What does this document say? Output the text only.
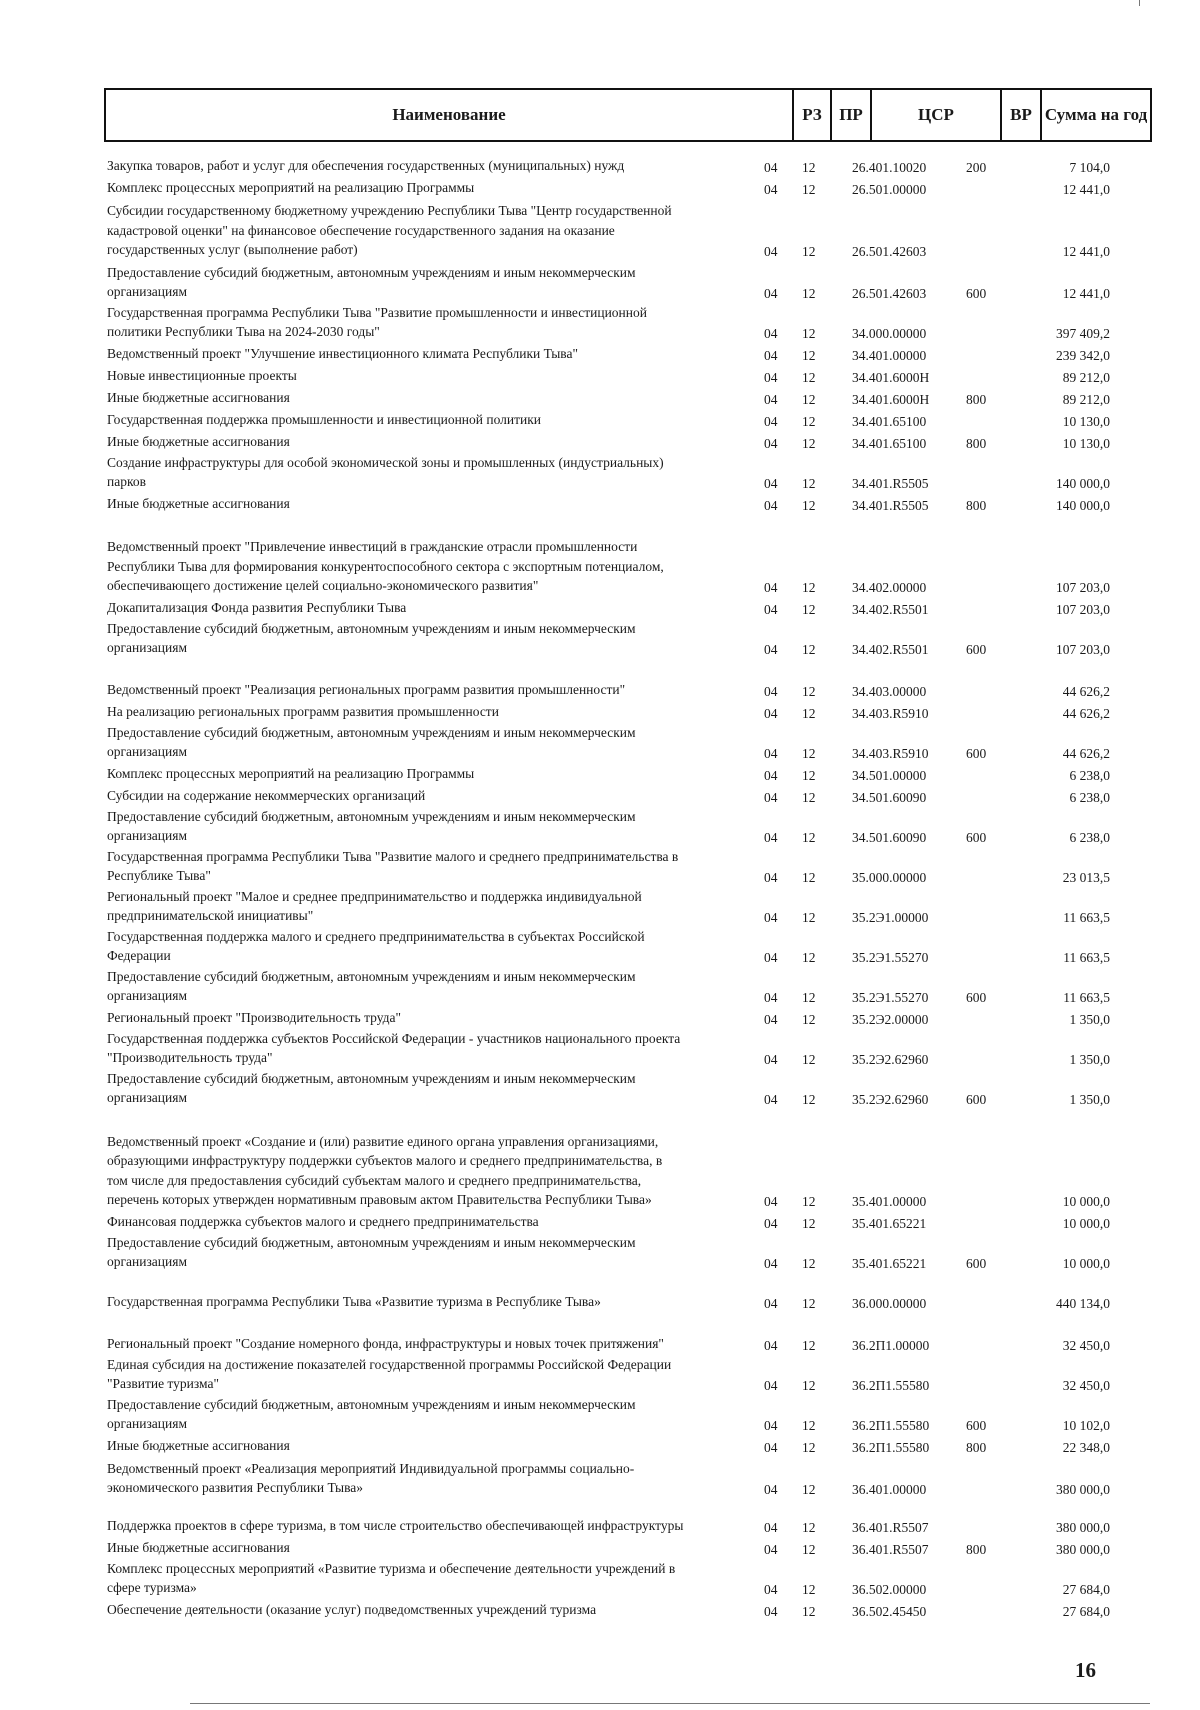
Наименование	РЗ	ПР	ЦСР	ВР Сумма на год
Закупка товаров, работ и услуг для обеспечения государственных (муниципальных) нужд	04 12	26.401.10020	200	7 104,0
Комплекс процессных мероприятий на реализацию Программы	04 12	26.501.00000	12 441,0
Субсидии государственному бюджетному учреждению Республики Тыва "Центр государственной
кадастровой оценки" на финансовое обеспечение государственного задания на оказание
государственных услуг (выполнение работ)	04 12	26.501.42603	12 441,0
Предоставление субсидий бюджетным, автономным учреждениям и иным некоммерческим
организациям	04 12	26.501.42603	600	12 441,0
Государственная программа Республики Тыва "Развитие промышленности и инвестиционной
политики Республики Тыва на 2024-2030 годы"	04 12	34.000.00000	397 409,2
Ведомственный проект "Улучшение инвестиционного климата Республики Тыва"	04 12	34.401.00000	239 342,0
Новые инвестиционные проекты	04 12	34.401.6000Н	89 212,0
Иные бюджетные ассигнования	04 12	34.401.6000Н	800	89 212,0
Государственная поддержка промышленности и инвестиционной политики	04 12	34.401.65100	10 130,0
Иные бюджетные ассигнования	04 12	34.401.65100	800	10 130,0
Создание инфраструктуры для особой экономической зоны и промышленных (индустриальных)
парков	04 12	34.401.R5505	140 000,0
Иные бюджетные ассигнования	04 12	34.401.R5505	800	140 000,0
Ведомственный проект "Привлечение инвестиций в гражданские отрасли промышленности
Республики Тыва для формирования конкурентоспособного сектора с экспортным потенциалом,
обеспечивающего достижение целей социально-экономического развития"	04 12	34.402.00000	107 203,0
Докапитализация Фонда развития Республики Тыва	04 12	34.402.R5501	107 203,0
Предоставление субсидий бюджетным, автономным учреждениям и иным некоммерческим
организациям	04 12	34.402.R5501	600	107 203,0
Ведомственный проект "Реализация региональных программ развития промышленности"	04 12	34.403.00000	44 626,2
На реализацию региональных программ развития промышленности	04 12	34.403.R5910	44 626,2
Предоставление субсидий бюджетным, автономным учреждениям и иным некоммерческим
организациям	04 12	34.403.R5910	600	44 626,2
Комплекс процессных мероприятий на реализацию Программы	04 12	34.501.00000	6 238,0
Субсидии на содержание некоммерческих организаций	04 12	34.501.60090	6 238,0
Предоставление субсидий бюджетным, автономным учреждениям и иным некоммерческим
организациям	04 12	34.501.60090	600	6 238,0
Государственная программа Республики Тыва "Развитие малого и среднего предпринимательства в
Республике Тыва"	04 12	35.000.00000	23 013,5
Региональный проект "Малое и среднее предпринимательство и поддержка индивидуальной
предпринимательской инициативы"	04 12	35.2Э1.00000	11 663,5
Государственная поддержка малого и среднего предпринимательства в субъектах Российской
Федерации	04 12	35.2Э1.55270	11 663,5
Предоставление субсидий бюджетным, автономным учреждениям и иным некоммерческим
организациям	04 12	35.2Э1.55270	600	11 663,5
Региональный проект "Производительность труда"	04 12	35.2Э2.00000	1 350,0
Государственная поддержка субъектов Российской Федерации - участников национального проекта
"Производительность труда"	04 12	35.2Э2.62960	1 350,0
Предоставление субсидий бюджетным, автономным учреждениям и иным некоммерческим
организациям	04 12	35.2Э2.62960	600	1 350,0
Ведомственный проект «Создание и (или) развитие единого органа управления организациями,
образующими инфраструктуру поддержки субъектов малого и среднего предпринимательства, в
том числе для предоставления субсидий субъектам малого и среднего предпринимательства,
перечень которых утвержден нормативным правовым актом Правительства Республики Тыва»	04 12	35.401.00000	10 000,0
Финансовая поддержка субъектов малого и среднего предпринимательства	04 12	35.401.65221	10 000,0
Предоставление субсидий бюджетным, автономным учреждениям и иным некоммерческим
организациям	04 12	35.401.65221	600	10 000,0
Государственная программа Республики Тыва «Развитие туризма в Республике Тыва»	04 12	36.000.00000	440 134,0
Региональный проект "Создание номерного фонда, инфраструктуры и новых точек притяжения"	04 12	36.2П1.00000	32 450,0
Единая субсидия на достижение показателей государственной программы Российской Федерации
"Развитие туризма"	04 12	36.2П1.55580	32 450,0
Предоставление субсидий бюджетным, автономным учреждениям и иным некоммерческим
организациям	04 12	36.2П1.55580	600	10 102,0
Иные бюджетные ассигнования	04 12	36.2П1.55580	800	22 348,0
Ведомственный проект «Реализация мероприятий Индивидуальной программы социально-
экономического развития Республики Тыва»	04 12	36.401.00000	380 000,0
Поддержка проектов в сфере туризма, в том числе строительство обеспечивающей инфраструктуры	04 12	36.401.R5507	380 000,0
Иные бюджетные ассигнования	04 12	36.401.R5507	800	380 000,0
Комплекс процессных мероприятий «Развитие туризма и обеспечение деятельности учреждений в
сфере туризма»	04 12	36.502.00000	27 684,0
Обеспечение деятельности (оказание услуг) подведомственных учреждений туризма	04 12	36.502.45450	27 684,0
16
